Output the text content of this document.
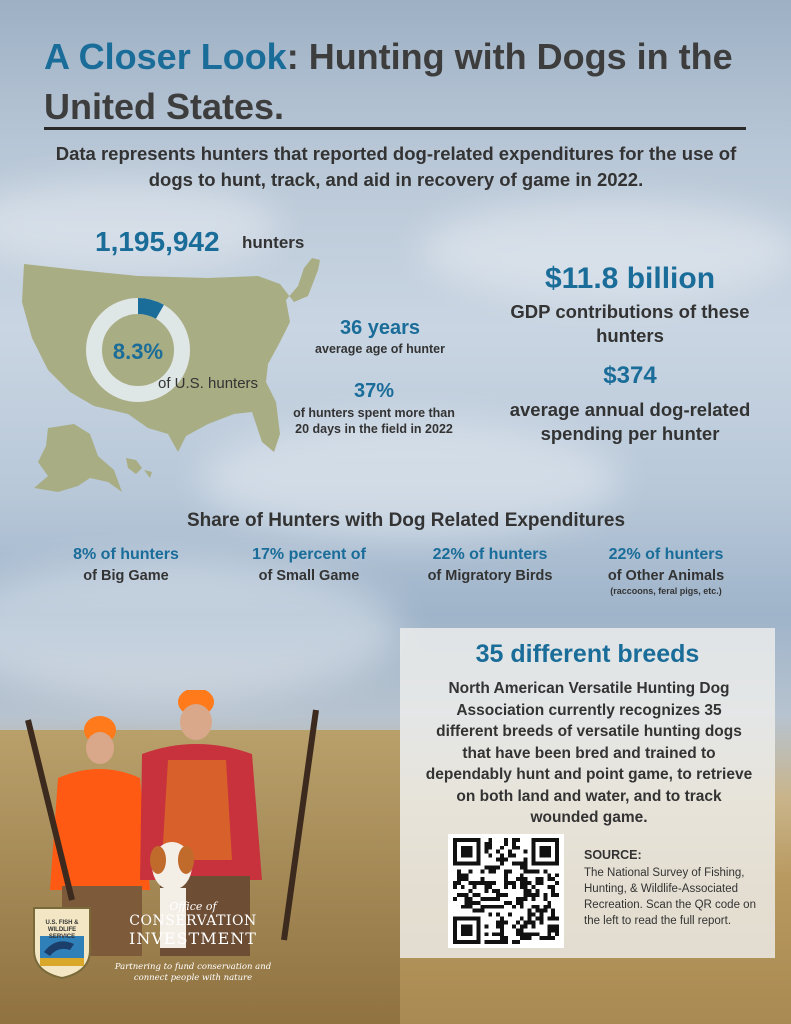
A Closer Look: Hunting with Dogs in the United States.
Data represents hunters that reported dog-related expenditures for the use of dogs to hunt, track, and aid in recovery of game in 2022.
8.3%
of U.S. hunters
1,195,942 hunters
36 years
average age of hunter
37%
of hunters spent more than 20 days in the field in 2022
$11.8 billion
GDP contributions of these hunters
$374
average annual dog-related spending per hunter
Share of Hunters with Dog Related Expenditures
8% of hunters
of Big Game
17% percent of
of Small Game
22% of hunters
of Migratory Birds
22% of hunters
of Other Animals
(raccoons, feral pigs, etc.)
35 different breeds
North American Versatile Hunting Dog Association currently recognizes 35 different breeds of versatile hunting dogs that have been bred and trained to dependably hunt and point game, to retrieve on both land and water, and to track wounded game.
SOURCE:
The National Survey of Fishing, Hunting, & Wildlife-Associated Recreation. Scan the QR code on the left to read the full report.
U.S. FISH & WILDLIFE SERVICE
Office of
CONSERVATION
INVESTMENT
Partnering to fund conservation and connect people with nature
